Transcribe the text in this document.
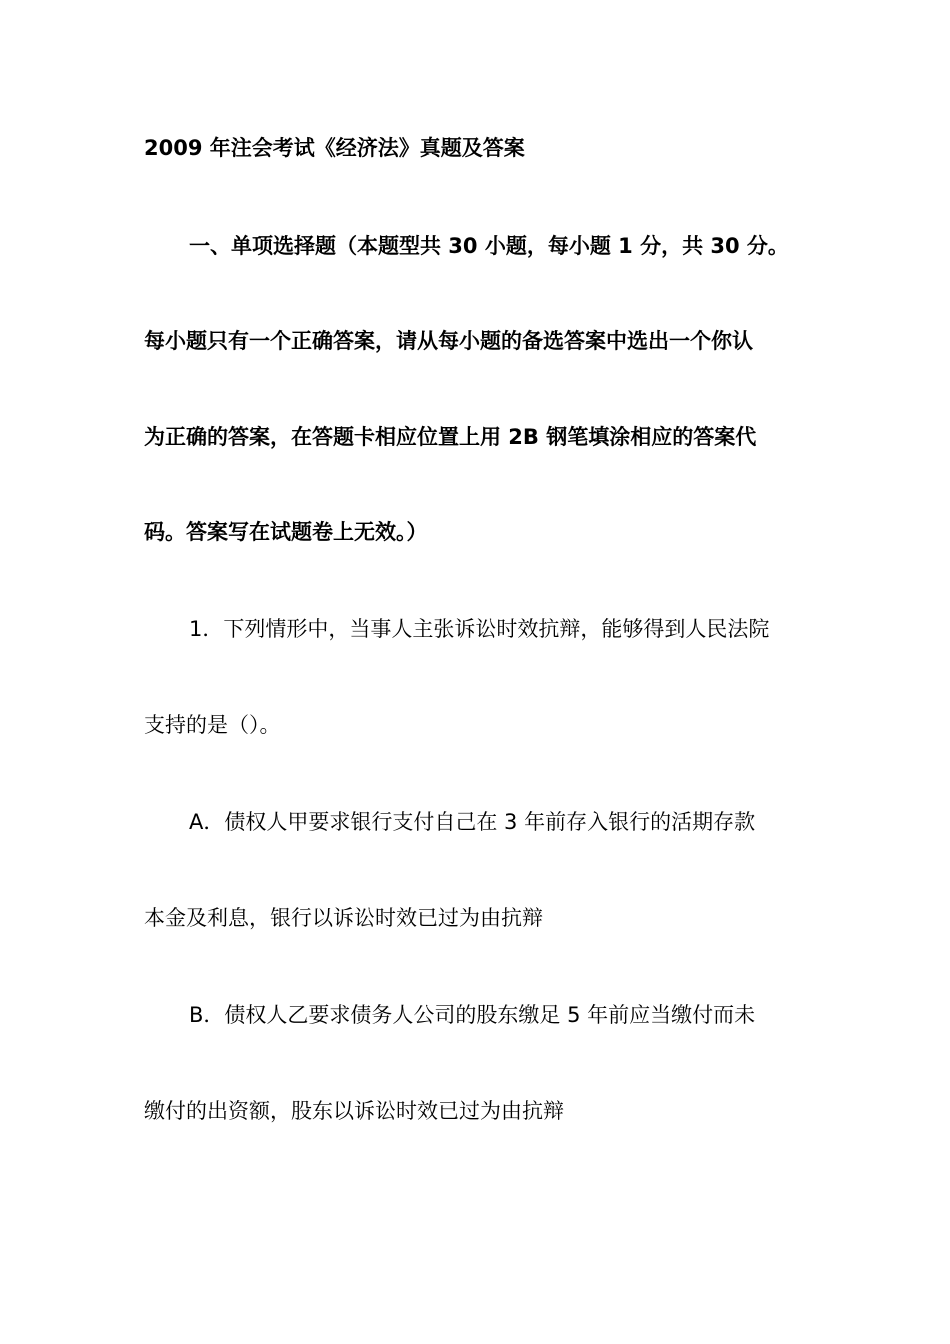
2009 年注会考试《经济法》真题及答案
一、单项选择题（本题型共 30 小题，每小题 1 分，共 30 分。
每小题只有一个正确答案，请从每小题的备选答案中选出一个你认
为正确的答案，在答题卡相应位置上用 2B 钢笔填涂相应的答案代
码。答案写在试题卷上无效。）
1．下列情形中，当事人主张诉讼时效抗辩，能够得到人民法院
支持的是（）。
A．债权人甲要求银行支付自己在 3 年前存入银行的活期存款
本金及利息，银行以诉讼时效已过为由抗辩
B．债权人乙要求债务人公司的股东缴足 5 年前应当缴付而未
缴付的出资额，股东以诉讼时效已过为由抗辩
